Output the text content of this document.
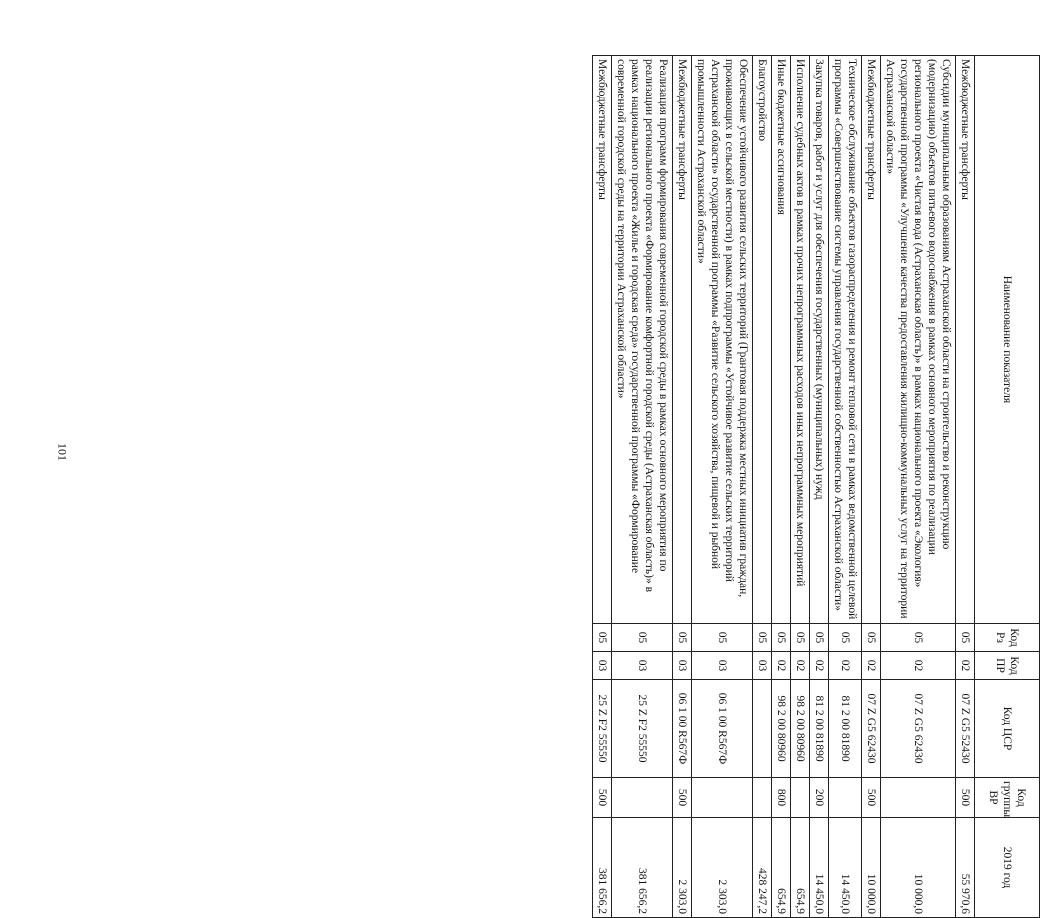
101
Наименование показателя	Код Рз	Код ПР	Код ЦСР	Код группы ВР	2019 год
Межбюджетные трансферты	05	02	07 Z G5 52430	500	55 970,6
Субсидии муниципальным образованиям Астраханской области на строительство и реконструкцию (модернизацию) объектов питьевого водоснабжения в рамках основного мероприятия по реализации регионального проекта «Чистая вода (Астраханская область)» в рамках национального проекта «Экология» государственной программы «Улучшение качества предоставления жилищно-коммунальных услуг на территории Астраханской области»	05	02	07 Z G5 62430		10 000,0
Межбюджетные трансферты	05	02	07 Z G5 62430	500	10 000,0
Техническое обслуживание объектов газораспределения и ремонт тепловой сети в рамках ведомственной целевой программы «Совершенствование системы управления государственной собственностью Астраханской области»	05	02	81 2 00 81890		14 450,0
Закупка товаров, работ и услуг для обеспечения государственных (муниципальных) нужд	05	02	81 2 00 81890	200	14 450,0
Исполнение судебных актов в рамках прочих непрограммных расходов иных непрограммных мероприятий	05	02	98 2 00 80960		654,9
Иные бюджетные ассигнования	05	02	98 2 00 80960	800	654,9
Благоустройство	05	03			428 247,2
Обеспечение устойчивого развития сельских территорий (Грантовая поддержка местных инициатив граждан, проживающих в сельской местности) в рамках подпрограммы «Устойчивое развитие сельских территорий Астраханской области» государственной программы «Развитие сельского хозяйства, пищевой и рыбной промышленности Астраханской области»	05	03	06 1 00 R567Ф		2 303,0
Межбюджетные трансферты	05	03	06 1 00 R567Ф	500	2 303,0
Реализация программ формирования современной городской среды в рамках основного мероприятия по реализации регионального проекта «Формирование комфортной городской среды (Астраханская область)» в рамках национального проекта «Жилье и городская среда» государственной программы «Формирование современной городской среды на территории Астраханской области»	05	03	25 Z F2 55550		381 656,2
Межбюджетные трансферты	05	03	25 Z F2 55550	500	381 656,2
